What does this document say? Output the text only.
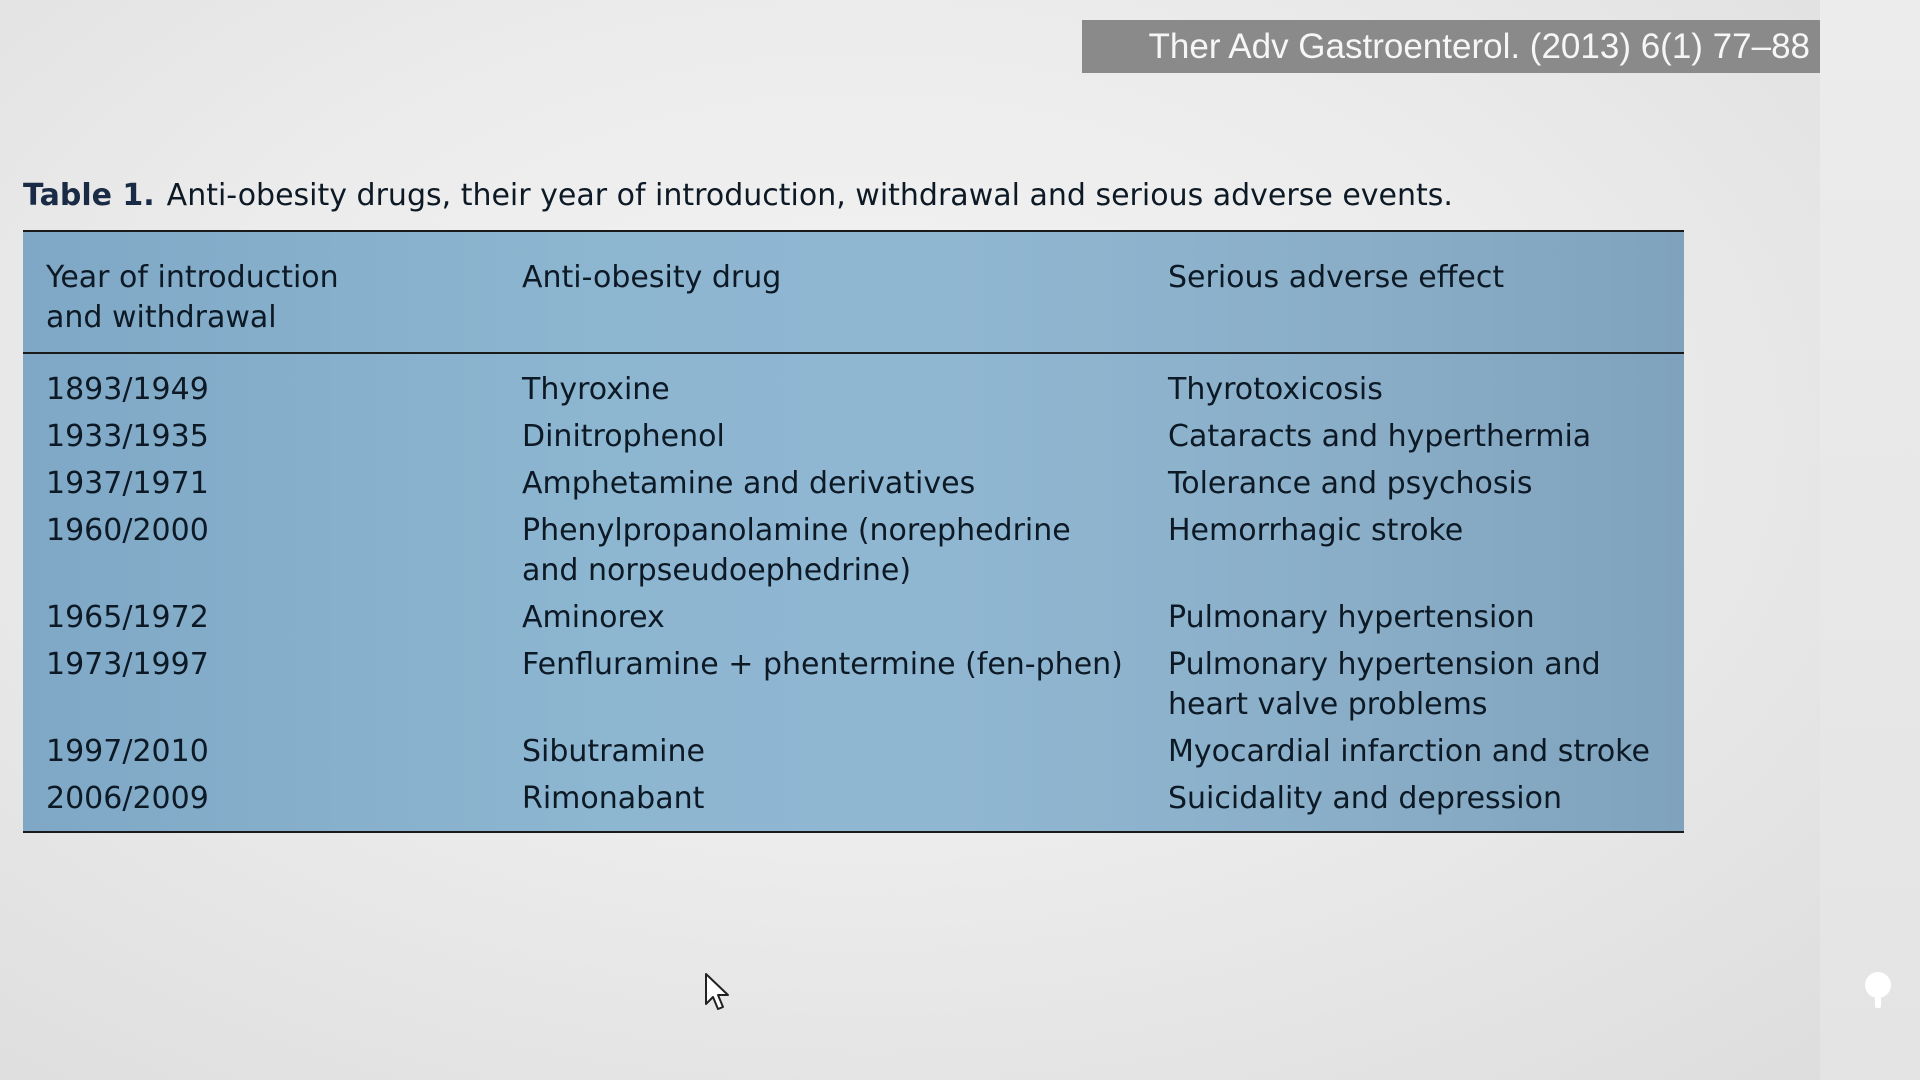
Ther Adv Gastroenterol. (2013) 6(1) 77–88
Table 1. Anti-obesity drugs, their year of introduction, withdrawal and serious adverse events.
Year of introduction
and withdrawal	Anti-obesity drug	Serious adverse effect
1893/1949	Thyroxine	Thyrotoxicosis
1933/1935	Dinitrophenol	Cataracts and hyperthermia
1937/1971	Amphetamine and derivatives	Tolerance and psychosis
1960/2000	Phenylpropanolamine (norephedrine and norpseudoephedrine)	Hemorrhagic stroke
1965/1972	Aminorex	Pulmonary hypertension
1973/1997	Fenfluramine + phentermine (fen-phen)	Pulmonary hypertension and heart valve problems
1997/2010	Sibutramine	Myocardial infarction and stroke
2006/2009	Rimonabant	Suicidality and depression
